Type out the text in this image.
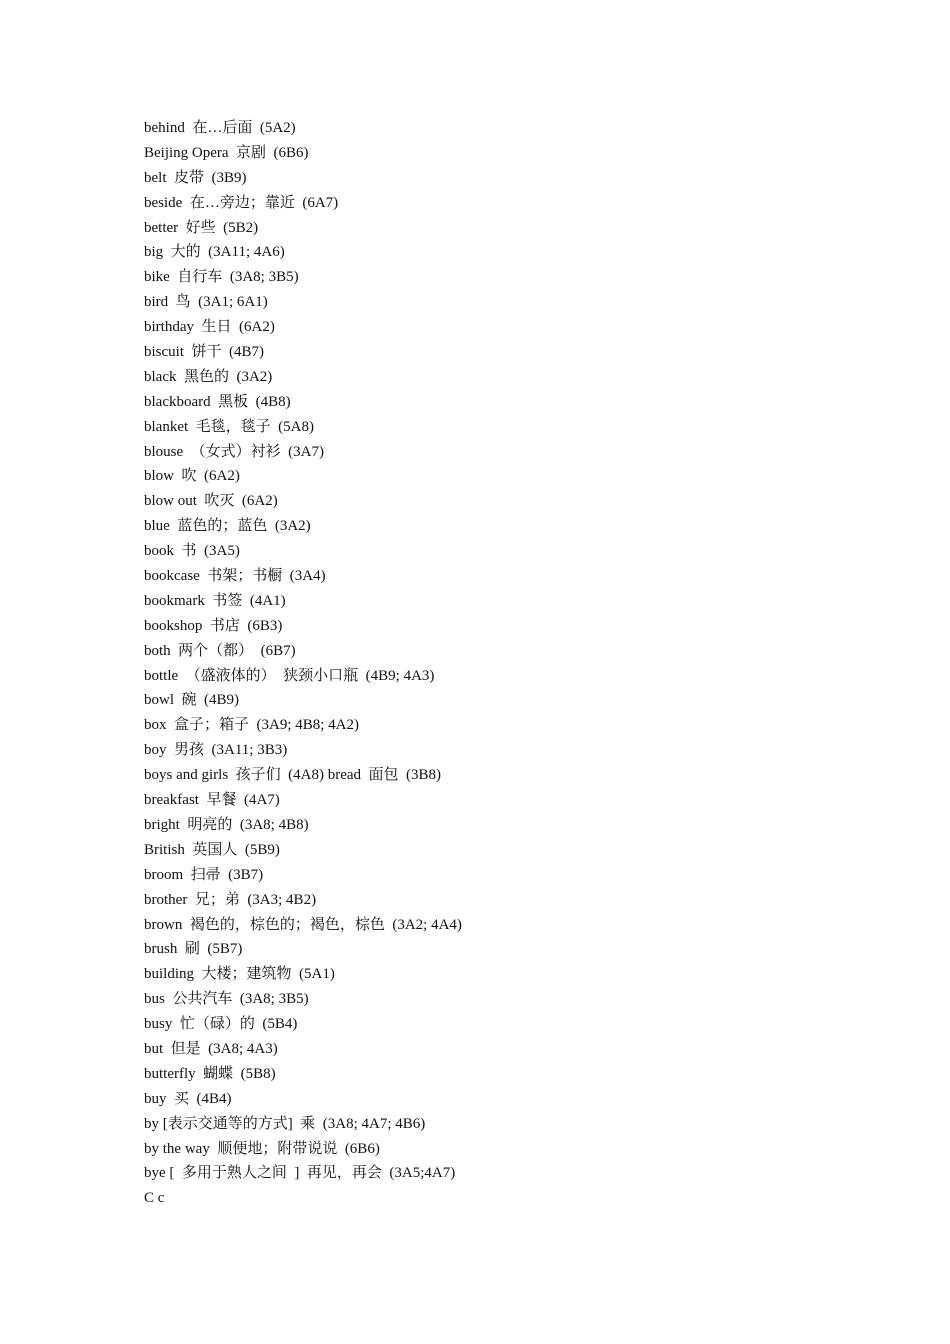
behind  在…后面  (5A2)
Beijing Opera  京剧  (6B6)
belt  皮带  (3B9)
beside  在…旁边；靠近  (6A7)
better  好些  (5B2)
big  大的  (3A11; 4A6)
bike  自行车  (3A8; 3B5)
bird  鸟  (3A1; 6A1)
birthday  生日  (6A2)
biscuit  饼干  (4B7)
black  黑色的  (3A2)
blackboard  黑板  (4B8)
blanket  毛毯，毯子  (5A8)
blouse  （女式）衬衫  (3A7)
blow  吹  (6A2)
blow out  吹灭  (6A2)
blue  蓝色的；蓝色  (3A2)
book  书  (3A5)
bookcase  书架；书橱  (3A4)
bookmark  书签  (4A1)
bookshop  书店  (6B3)
both  两个（都）  (6B7)
bottle  （盛液体的）  狭颈小口瓶  (4B9; 4A3)
bowl  碗  (4B9)
box  盒子；箱子  (3A9; 4B8; 4A2)
boy  男孩  (3A11; 3B3)
boys and girls  孩子们  (4A8) bread  面包  (3B8)
breakfast  早餐  (4A7)
bright  明亮的  (3A8; 4B8)
British  英国人  (5B9)
broom  扫帚  (3B7)
brother  兄；弟  (3A3; 4B2)
brown  褐色的，棕色的；褐色，棕色  (3A2; 4A4)
brush  刷  (5B7)
building  大楼；建筑物  (5A1)
bus  公共汽车  (3A8; 3B5)
busy  忙（碌）的  (5B4)
but  但是  (3A8; 4A3)
butterfly  蝴蝶  (5B8)
buy  买  (4B4)
by [表示交通等的方式]  乘  (3A8; 4A7; 4B6)
by the way  顺便地；附带说说  (6B6)
bye [  多用于熟人之间  ]  再见，再会  (3A5;4A7)
C c
